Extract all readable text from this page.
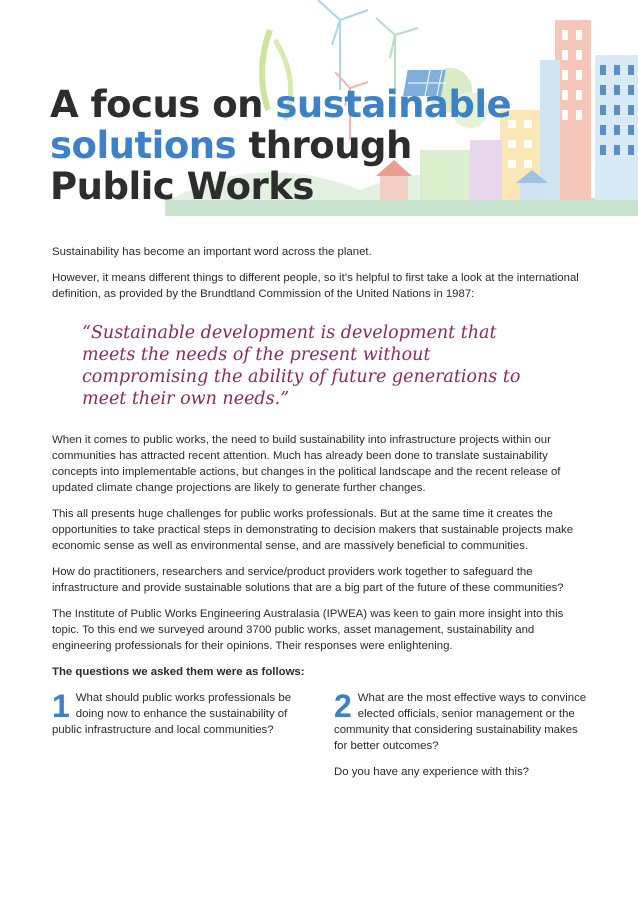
A focus on sustainable
solutions through
Public Works

Sustainability has become an important word across the planet.

However, it means different things to different people, so it’s helpful to first take a look at the international definition, as provided by the Brundtland Commission of the United Nations in 1987:

“Sustainable development is development that meets the needs of the present without compromising the ability of future generations to meet their own needs.”

When it comes to public works, the need to build sustainability into infrastructure projects within our communities has attracted recent attention. Much has already been done to translate sustainability concepts into implementable actions, but changes in the political landscape and the recent release of updated climate change projections are likely to generate further changes.

This all presents huge challenges for public works professionals. But at the same time it creates the opportunities to take practical steps in demonstrating to decision makers that sustainable projects make economic sense as well as environmental sense, and are massively beneficial to communities.

How do practitioners, researchers and service/product providers work together to safeguard the infrastructure and provide sustainable solutions that are a big part of the future of these communities?

The Institute of Public Works Engineering Australasia (IPWEA) was keen to gain more insight into this topic. To this end we surveyed around 3700 public works, asset management, sustainability and engineering professionals for their opinions. Their responses were enlightening.

The questions we asked them were as follows:

1 What should public works professionals be doing now to enhance the sustainability of public infrastructure and local communities?

2 What are the most effective ways to convince elected officials, senior management or the community that considering sustainability makes for better outcomes?

Do you have any experience with this?
